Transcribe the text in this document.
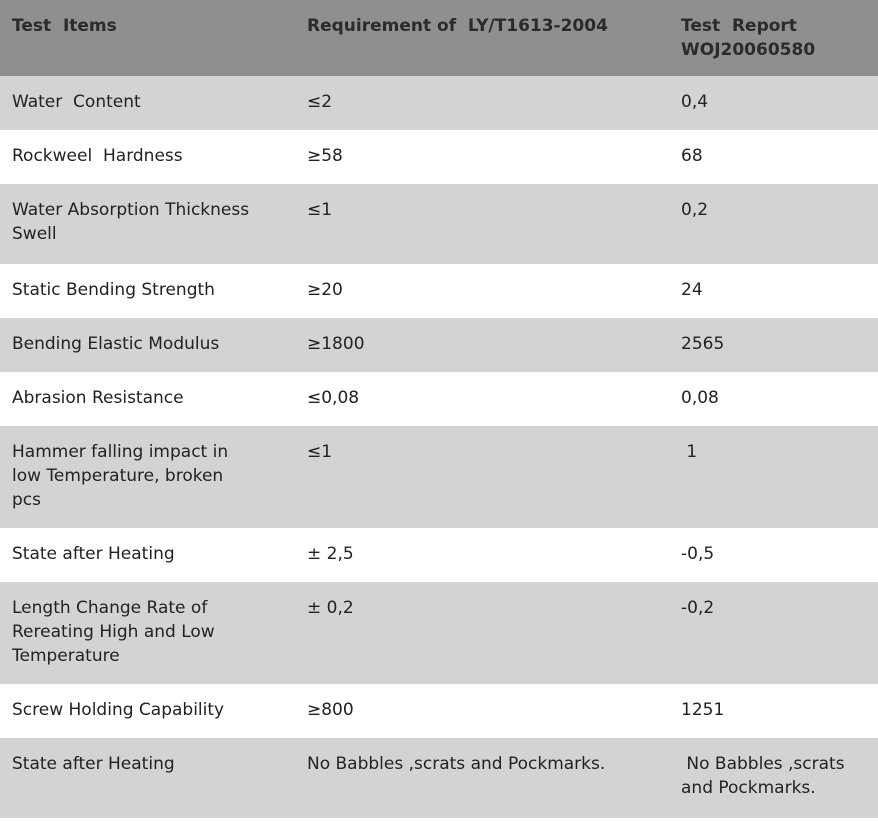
Test  Items	Requirement of  LY/T1613-2004	Test  Report
WOJ20060580
Water  Content	≤2	0,4
Rockweel  Hardness	≥58	68
Water Absorption Thickness
Swell	≤1	0,2
Static Bending Strength	≥20	24
Bending Elastic Modulus	≥1800	2565
Abrasion Resistance	≤0,08	0,08
Hammer falling impact in
low Temperature, broken
pcs	≤1	1
State after Heating	± 2,5	-0,5
Length Change Rate of
Rereating High and Low
Temperature	± 0,2	-0,2
Screw Holding Capability	≥800	1251
State after Heating	No Babbles ,scrats and Pockmarks.	No Babbles ,scrats
and Pockmarks.
